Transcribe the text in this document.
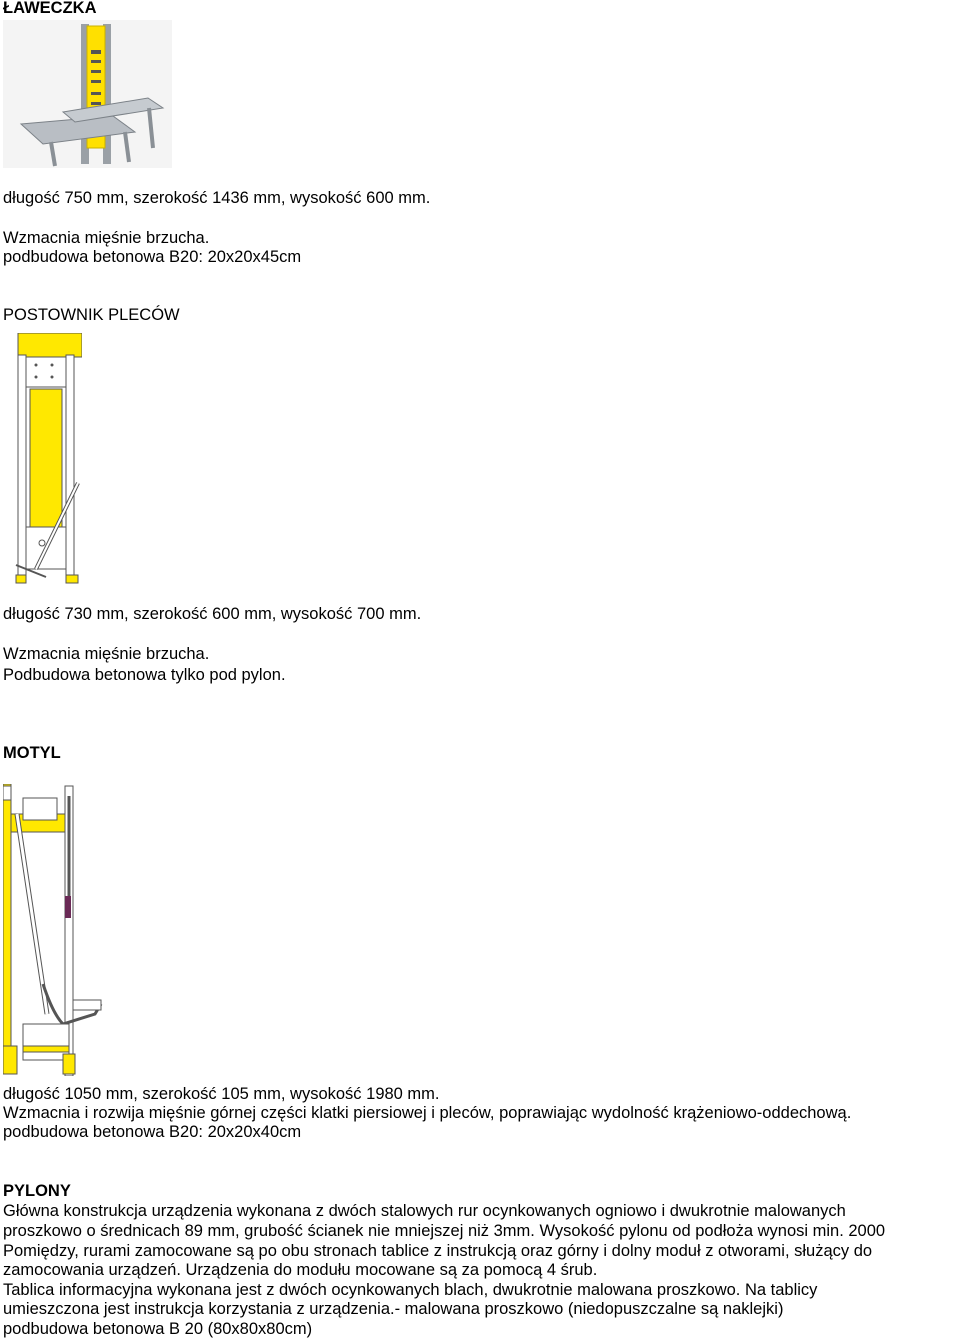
ŁAWECZKA
długość 750 mm, szerokość 1436 mm, wysokość 600 mm.
Wzmacnia mięśnie brzucha.
podbudowa betonowa B20: 20x20x45cm
POSTOWNIK PLECÓW
długość 730 mm, szerokość 600 mm, wysokość 700 mm.
Wzmacnia mięśnie brzucha.
Podbudowa betonowa tylko pod pylon.
MOTYL
długość 1050 mm, szerokość 105 mm, wysokość 1980 mm.
Wzmacnia i rozwija mięśnie górnej części klatki piersiowej i pleców, poprawiając wydolność krążeniowo-oddechową.
podbudowa betonowa B20: 20x20x40cm
PYLONY
Główna konstrukcja urządzenia wykonana z dwóch stalowych rur ocynkowanych ogniowo i dwukrotnie malowanych
proszkowo o średnicach 89 mm, grubość ścianek nie mniejszej niż 3mm. Wysokość pylonu od podłoża wynosi min. 2000
Pomiędzy, rurami zamocowane są po obu stronach tablice z instrukcją oraz górny i dolny moduł z otworami, służący do
zamocowania urządzeń. Urządzenia do modułu mocowane są za pomocą 4 śrub.
Tablica informacyjna wykonana jest z dwóch ocynkowanych blach, dwukrotnie malowana proszkowo. Na tablicy
umieszczona jest instrukcja korzystania z urządzenia.- malowana proszkowo (niedopuszczalne są naklejki)
podbudowa betonowa B 20 (80x80x80cm)
